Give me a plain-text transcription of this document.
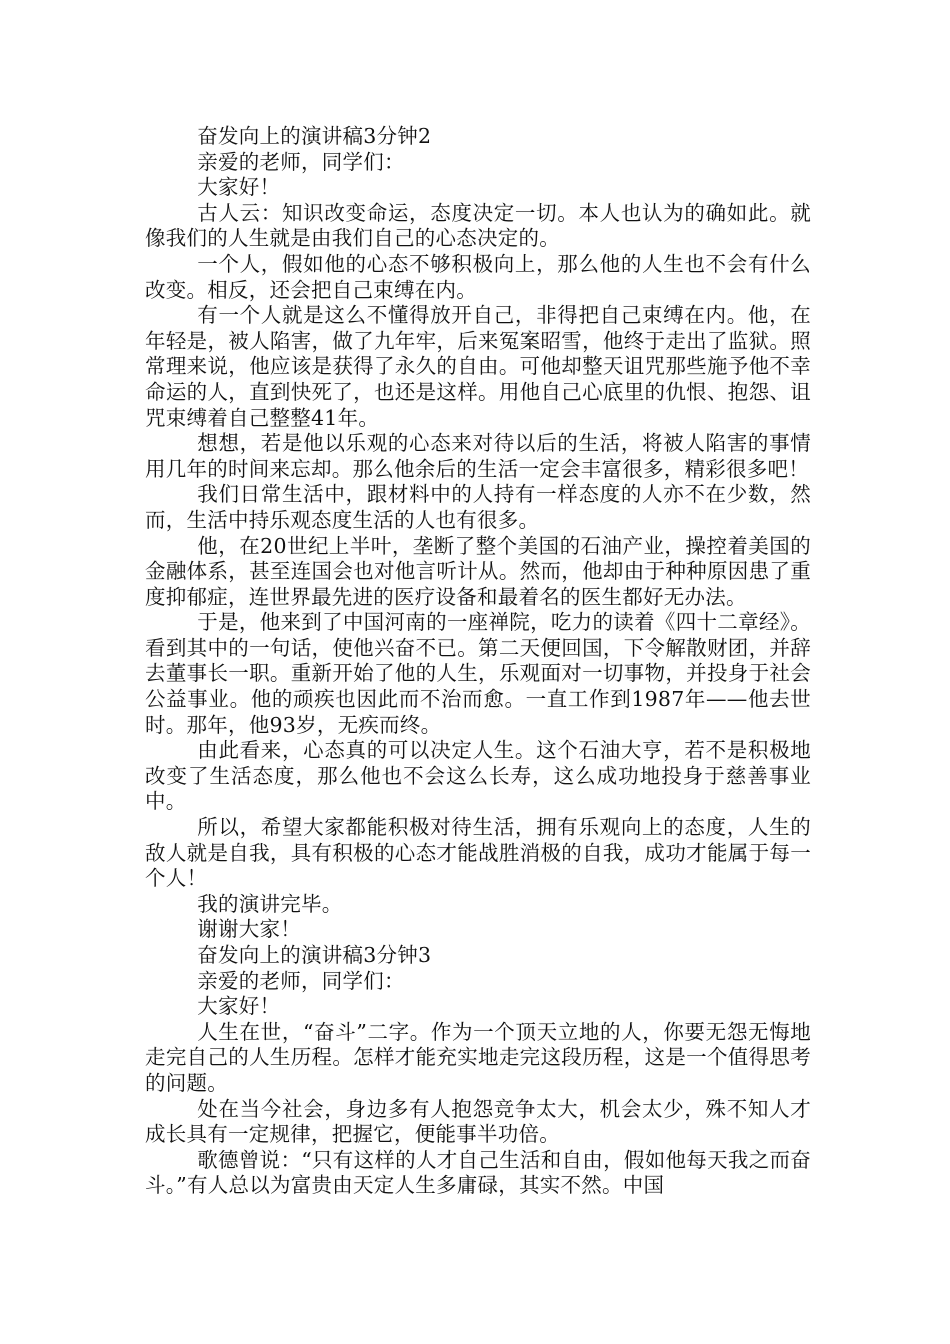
奋发向上的演讲稿3分钟2

亲爱的老师，同学们：

大家好！

古人云：知识改变命运，态度决定一切。本人也认为的确如此。就像我们的人生就是由我们自己的心态决定的。

一个人，假如他的心态不够积极向上，那么他的人生也不会有什么改变。相反，还会把自己束缚在内。

有一个人就是这么不懂得放开自己，非得把自己束缚在内。他，在年轻是，被人陷害，做了九年牢，后来冤案昭雪，他终于走出了监狱。照常理来说，他应该是获得了永久的自由。可他却整天诅咒那些施予他不幸命运的人，直到快死了，也还是这样。用他自己心底里的仇恨、抱怨、诅咒束缚着自己整整41年。

想想，若是他以乐观的心态来对待以后的生活，将被人陷害的事情用几年的时间来忘却。那么他余后的生活一定会丰富很多，精彩很多吧！

我们日常生活中，跟材料中的人持有一样态度的人亦不在少数，然而，生活中持乐观态度生活的人也有很多。

他，在20世纪上半叶，垄断了整个美国的石油产业，操控着美国的金融体系，甚至连国会也对他言听计从。然而，他却由于种种原因患了重度抑郁症，连世界最先进的医疗设备和最着名的医生都好无办法。

于是，他来到了中国河南的一座禅院，吃力的读着《四十二章经》。看到其中的一句话，使他兴奋不已。第二天便回国，下令解散财团，并辞去董事长一职。重新开始了他的人生，乐观面对一切事物，并投身于社会公益事业。他的顽疾也因此而不治而愈。一直工作到1987年——他去世时。那年，他93岁，无疾而终。

由此看来，心态真的可以决定人生。这个石油大亨，若不是积极地改变了生活态度，那么他也不会这么长寿，这么成功地投身于慈善事业中。

所以，希望大家都能积极对待生活，拥有乐观向上的态度，人生的敌人就是自我，具有积极的心态才能战胜消极的自我，成功才能属于每一个人！

我的演讲完毕。

谢谢大家！

奋发向上的演讲稿3分钟3

亲爱的老师，同学们：

大家好！

人生在世，“奋斗”二字。作为一个顶天立地的人，你要无怨无悔地走完自己的人生历程。怎样才能充实地走完这段历程，这是一个值得思考的问题。

处在当今社会，身边多有人抱怨竞争太大，机会太少，殊不知人才成长具有一定规律，把握它，便能事半功倍。

歌德曾说：“只有这样的人才自己生活和自由，假如他每天我之而奋斗。”有人总以为富贵由天定人生多庸碌，其实不然。中国
